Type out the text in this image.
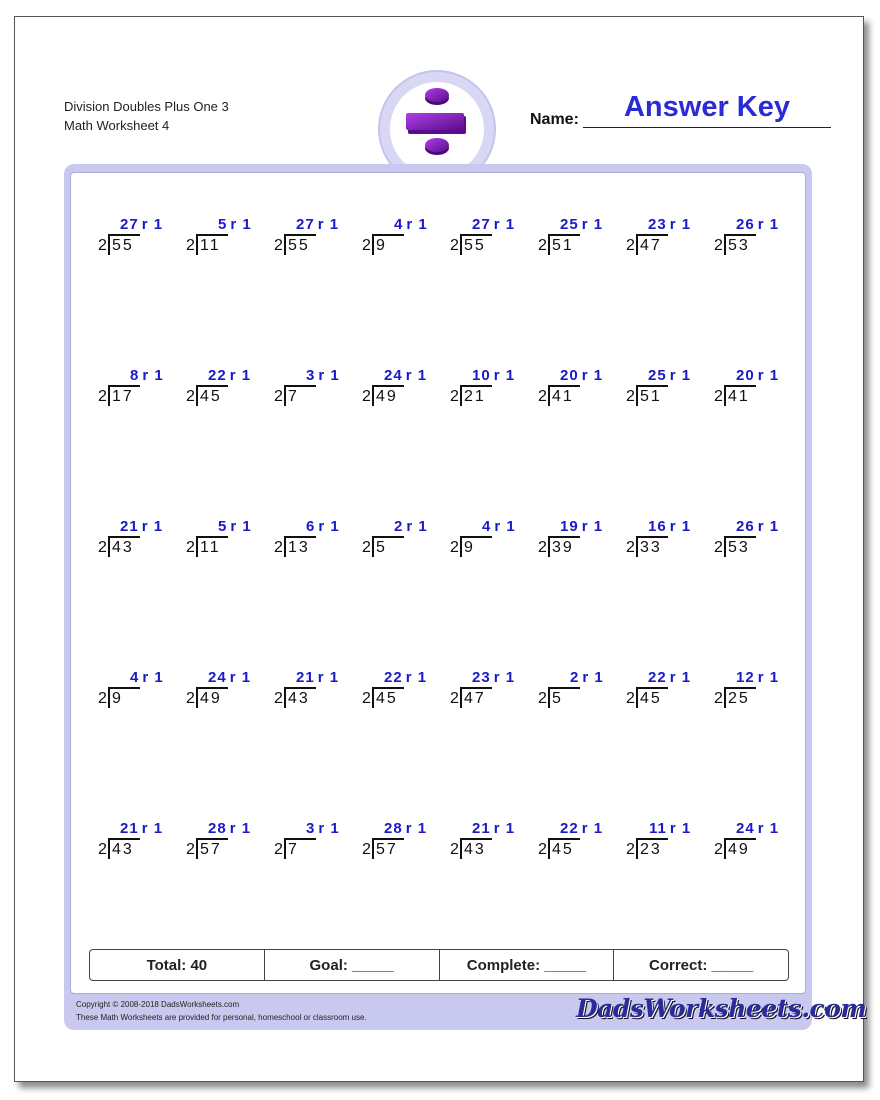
Division Doubles Plus One 3
Math Worksheet 4	Name:	Answer Key
27 r 1
2 55
5 r 1
2 11
27 r 1
2 55
4 r 1
2 9
27 r 1
2 55
25 r 1
2 51
23 r 1
2 47
26 r 1
2 53
8 r 1
2 17
22 r 1
2 45
3 r 1
2 7
24 r 1
2 49
10 r 1
2 21
20 r 1
2 41
25 r 1
2 51
20 r 1
2 41
21 r 1
2 43
5 r 1
2 11
6 r 1
2 13
2 r 1
2 5
4 r 1
2 9
19 r 1
2 39
16 r 1
2 33
26 r 1
2 53
4 r 1
2 9
24 r 1
2 49
21 r 1
2 43
22 r 1
2 45
23 r 1
2 47
2 r 1
2 5
22 r 1
2 45
12 r 1
2 25
21 r 1
2 43
28 r 1
2 57
3 r 1
2 7
28 r 1
2 57
21 r 1
2 43
22 r 1
2 45
11 r 1
2 23
24 r 1
2 49
Total: 40	Goal: _____	Complete: _____	Correct: _____
Copyright © 2008-2018 DadsWorksheets.com
These Math Worksheets are provided for personal, homeschool or classroom use.	DadsWorksheets.com
